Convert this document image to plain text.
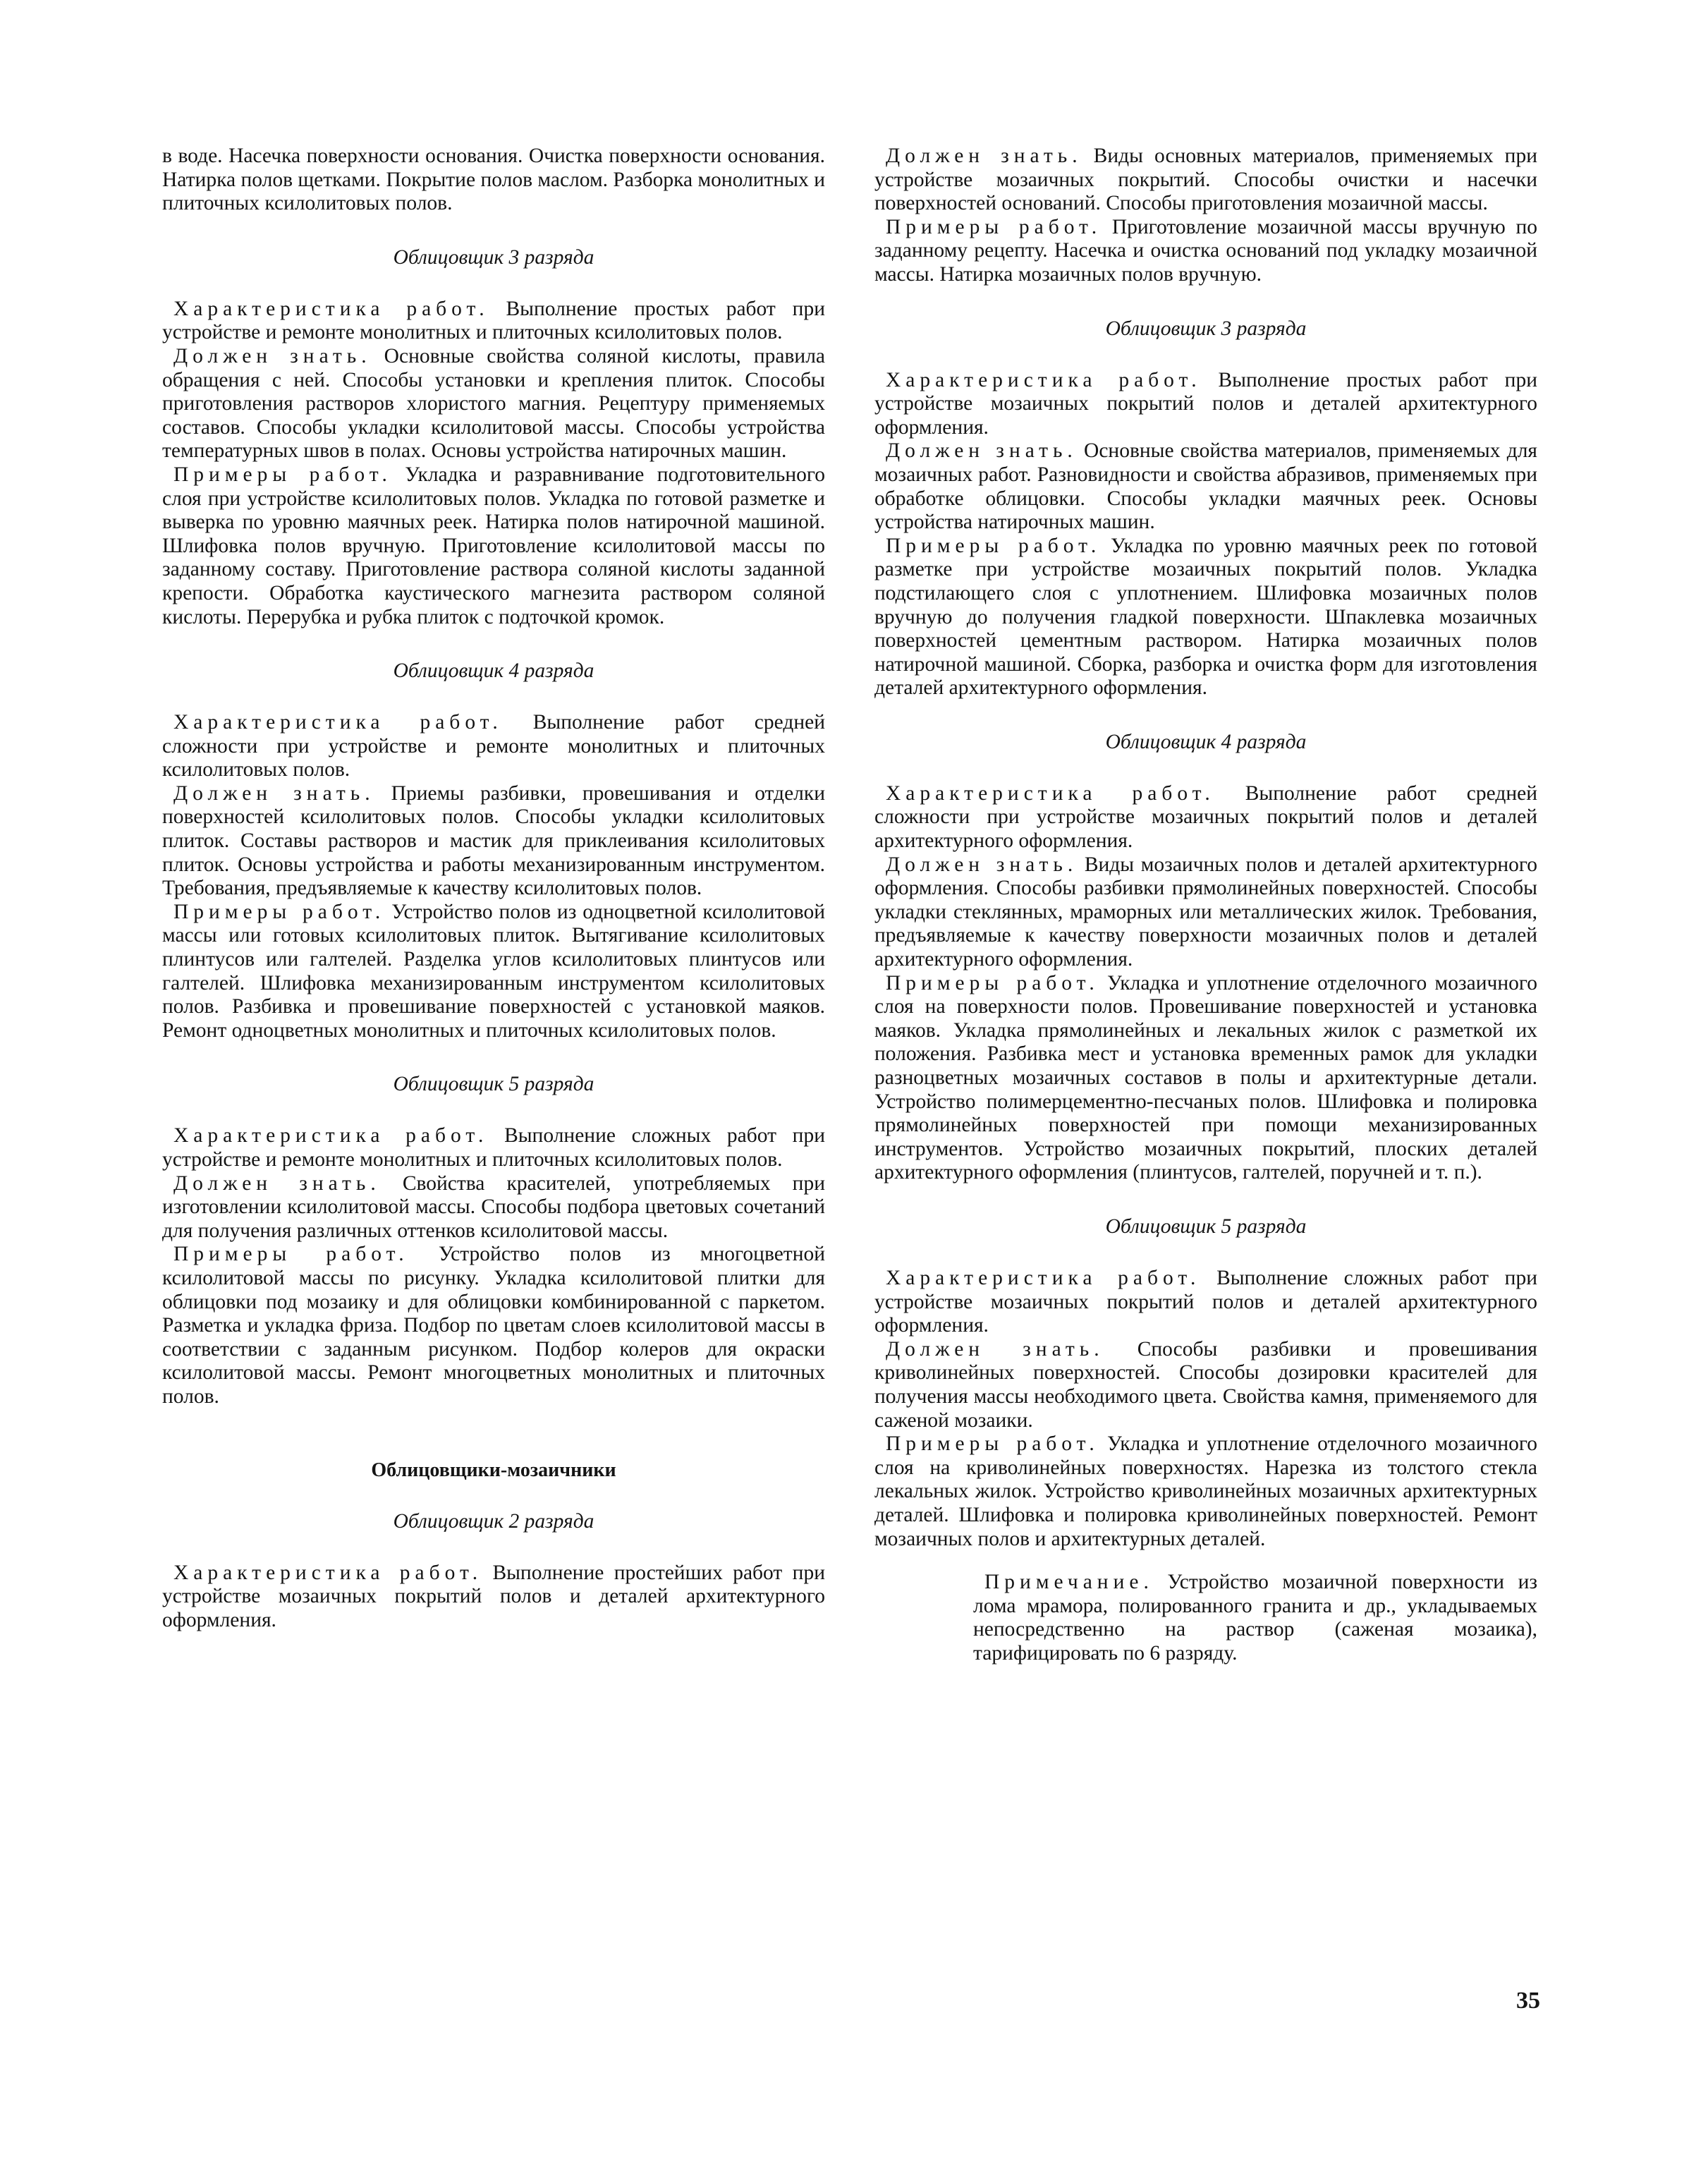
в воде. Насечка поверхности основания. Очистка поверхности основания. Натирка полов щетками. Покрытие полов маслом. Разборка монолитных и плиточных ксилолитовых полов.

Облицовщик 3 разряда

Характеристика работ. Выполнение простых работ при устройстве и ремонте монолитных и плиточных ксилолитовых полов.

Должен знать. Основные свойства соляной кислоты, правила обращения с ней. Способы установки и крепления плиток. Способы приготовления растворов хлористого магния. Рецептуру применяемых составов. Способы укладки ксилолитовой массы. Способы устройства температурных швов в полах. Основы устройства натирочных машин.

Примеры работ. Укладка и разравнивание подготовительного слоя при устройстве ксилолитовых полов. Укладка по готовой разметке и выверка по уровню маячных реек. Натирка полов натирочной машиной. Шлифовка полов вручную. Приготовление ксилолитовой массы по заданному составу. Приготовление раствора соляной кислоты заданной крепости. Обработка каустического магнезита раствором соляной кислоты. Перерубка и рубка плиток с подточкой кромок.

Облицовщик 4 разряда

Характеристика работ. Выполнение работ средней сложности при устройстве и ремонте монолитных и плиточных ксилолитовых полов.

Должен знать. Приемы разбивки, провешивания и отделки поверхностей ксилолитовых полов. Способы укладки ксилолитовых плиток. Составы растворов и мастик для приклеивания ксилолитовых плиток. Основы устройства и работы механизированным инструментом. Требования, предъявляемые к качеству ксилолитовых полов.

Примеры работ. Устройство полов из одноцветной ксилолитовой массы или готовых ксилолитовых плиток. Вытягивание ксилолитовых плинтусов или галтелей. Разделка углов ксилолитовых плинтусов или галтелей. Шлифовка механизированным инструментом ксилолитовых полов. Разбивка и провешивание поверхностей с установкой маяков. Ремонт одноцветных монолитных и плиточных ксилолитовых полов.

Облицовщик 5 разряда

Характеристика работ. Выполнение сложных работ при устройстве и ремонте монолитных и плиточных ксилолитовых полов.

Должен знать. Свойства красителей, употребляемых при изготовлении ксилолитовой массы. Способы подбора цветовых сочетаний для получения различных оттенков ксилолитовой массы.

Примеры работ. Устройство полов из многоцветной ксилолитовой массы по рисунку. Укладка ксилолитовой плитки для облицовки под мозаику и для облицовки комбинированной с паркетом. Разметка и укладка фриза. Подбор по цветам слоев ксилолитовой массы в соответствии с заданным рисунком. Подбор колеров для окраски ксилолитовой массы. Ремонт многоцветных монолитных и плиточных полов.

Облицовщики-мозаичники

Облицовщик 2 разряда

Характеристика работ. Выполнение простейших работ при устройстве мозаичных покрытий полов и деталей архитектурного оформления.

Должен знать. Виды основных материалов, применяемых при устройстве мозаичных покрытий. Способы очистки и насечки поверхностей оснований. Способы приготовления мозаичной массы.

Примеры работ. Приготовление мозаичной массы вручную по заданному рецепту. Насечка и очистка оснований под укладку мозаичной массы. Натирка мозаичных полов вручную.

Облицовщик 3 разряда

Характеристика работ. Выполнение простых работ при устройстве мозаичных покрытий полов и деталей архитектурного оформления.

Должен знать. Основные свойства материалов, применяемых для мозаичных работ. Разновидности и свойства абразивов, применяемых при обработке облицовки. Способы укладки маячных реек. Основы устройства натирочных машин.

Примеры работ. Укладка по уровню маячных реек по готовой разметке при устройстве мозаичных покрытий полов. Укладка подстилающего слоя с уплотнением. Шлифовка мозаичных полов вручную до получения гладкой поверхности. Шпаклевка мозаичных поверхностей цементным раствором. Натирка мозаичных полов натирочной машиной. Сборка, разборка и очистка форм для изготовления деталей архитектурного оформления.

Облицовщик 4 разряда

Характеристика работ. Выполнение работ средней сложности при устройстве мозаичных покрытий полов и деталей архитектурного оформления.

Должен знать. Виды мозаичных полов и деталей архитектурного оформления. Способы разбивки прямолинейных поверхностей. Способы укладки стеклянных, мраморных или металлических жилок. Требования, предъявляемые к качеству поверхности мозаичных полов и деталей архитектурного оформления.

Примеры работ. Укладка и уплотнение отделочного мозаичного слоя на поверхности полов. Провешивание поверхностей и установка маяков. Укладка прямолинейных и лекальных жилок с разметкой их положения. Разбивка мест и установка временных рамок для укладки разноцветных мозаичных составов в полы и архитектурные детали. Устройство полимерцементно-песчаных полов. Шлифовка и полировка прямолинейных поверхностей при помощи механизированных инструментов. Устройство мозаичных покрытий, плоских деталей архитектурного оформления (плинтусов, галтелей, поручней и т. п.).

Облицовщик 5 разряда

Характеристика работ. Выполнение сложных работ при устройстве мозаичных покрытий полов и деталей архитектурного оформления.

Должен знать. Способы разбивки и провешивания криволинейных поверхностей. Способы дозировки красителей для получения массы необходимого цвета. Свойства камня, применяемого для саженой мозаики.

Примеры работ. Укладка и уплотнение отделочного мозаичного слоя на криволинейных поверхностях. Нарезка из толстого стекла лекальных жилок. Устройство криволинейных мозаичных архитектурных деталей. Шлифовка и полировка криволинейных поверхностей. Ремонт мозаичных полов и архитектурных деталей.

Примечание. Устройство мозаичной поверхности из лома мрамора, полированного гранита и др., укладываемых непосредственно на раствор (саженая мозаика), тарифицировать по 6 разряду.

35
